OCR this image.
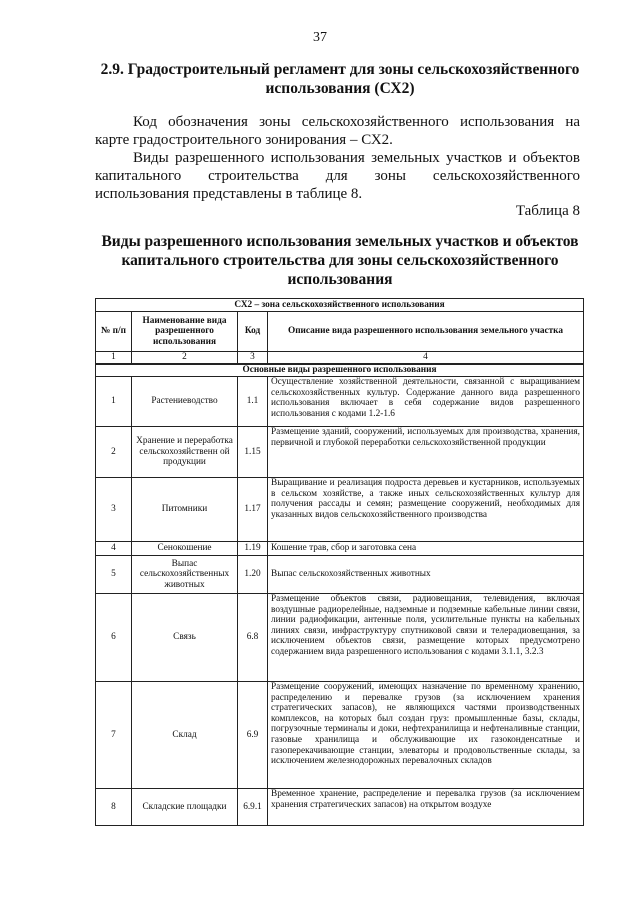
37
2.9. Градостроительный регламент для зоны сельскохозяйственного использования (СХ2)
Код обозначения зоны сельскохозяйственного использования на карте градостроительного зонирования – СХ2.
Виды разрешенного использования земельных участков и объектов капитального строительства для зоны сельскохозяйственного использования представлены в таблице 8.
Таблица 8
Виды разрешенного использования земельных участков и объектов капитального строительства для зоны сельскохозяйственного использования
СХ2 – зона сельскохозяйственного использования			
№ п/п	Наименование вида разрешенного использования	Код	Описание вида разрешенного использования земельного участка
1	2	3	4
Основные виды разрешенного использования			
1	Растениеводство	1.1	Осуществление хозяйственной деятельности, связанной с выращиванием сельскохозяйственных культур. Содержание данного вида разрешенного использования включает в себя содержание видов разрешенного использования с кодами 1.2-1.6
2	Хранение и переработка сельскохозяйственн ой продукции	1.15	Размещение зданий, сооружений, используемых для производства, хранения, первичной и глубокой переработки сельскохозяйственной продукции
3	Питомники	1.17	Выращивание и реализация подроста деревьев и кустарников, используемых в сельском хозяйстве, а также иных сельскохозяйственных культур для получения рассады и семян; размещение сооружений, необходимых для указанных видов сельскохозяйственного производства
4	Сенокошение	1.19	Кошение трав, сбор и заготовка сена
5	Выпас сельскохозяйственных животных	1.20	Выпас сельскохозяйственных животных
6	Связь	6.8	Размещение объектов связи, радиовещания, телевидения, включая воздушные радиорелейные, надземные и подземные кабельные линии связи, линии радиофикации, антенные поля, усилительные пункты на кабельных линиях связи, инфраструктуру спутниковой связи и телерадиовещания, за исключением объектов связи, размещение которых предусмотрено содержанием вида разрешенного использования с кодами 3.1.1, 3.2.3
7	Склад	6.9	Размещение сооружений, имеющих назначение по временному хранению, распределению и перевалке грузов (за исключением хранения стратегических запасов), не являющихся частями производственных комплексов, на которых был создан груз: промышленные базы, склады, погрузочные терминалы и доки, нефтехранилища и нефтеналивные станции, газовые хранилища и обслуживающие их газоконденсатные и газоперекачивающие станции, элеваторы и продовольственные склады, за исключением железнодорожных перевалочных складов
8	Складские площадки	6.9.1	Временное хранение, распределение и перевалка грузов (за исключением хранения стратегических запасов) на открытом воздухе
